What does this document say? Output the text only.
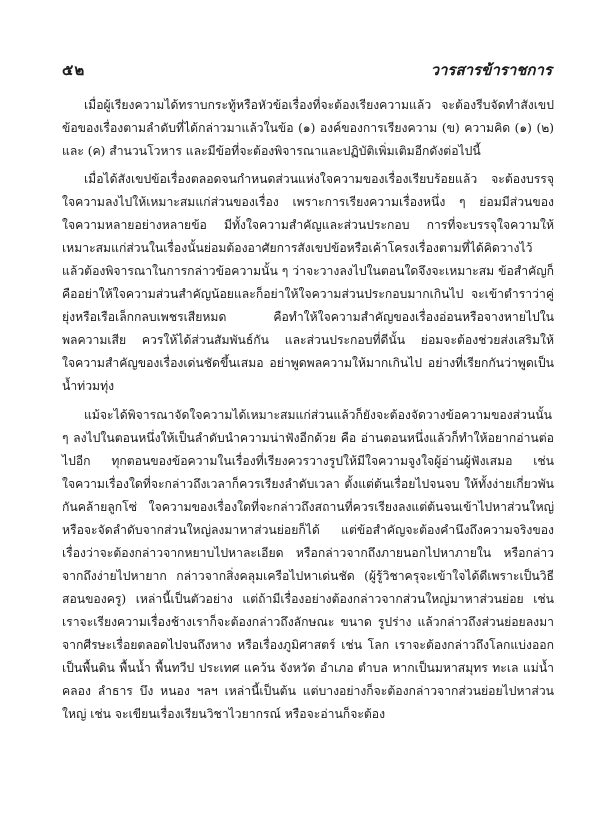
๕๒	วารสารข้าราชการ

เมื่อผู้เรียงความได้ทราบกระทู้หรือหัวข้อเรื่องที่จะต้องเรียงความแล้ว จะต้องรีบจัดทำสังเขปข้อของเรื่องตามลำดับที่ได้กล่าวมาแล้วในข้อ (๑) องค์ของการเรียงความ (ข) ความคิด (๑) (๒) และ (ค) สำนวนโวหาร และมีข้อที่จะต้องพิจารณาและปฏิบัติเพิ่มเติมอีกดังต่อไปนี้

เมื่อได้สังเขปข้อเรื่องตลอดจนกำหนดส่วนแห่งใจความของเรื่องเรียบร้อยแล้ว จะต้องบรรจุใจความลงไปให้เหมาะสมแก่ส่วนของเรื่อง เพราะการเรียงความเรื่องหนึ่ง ๆ ย่อมมีส่วนของใจความหลายอย่างหลายข้อ มีทั้งใจความสำคัญและส่วนประกอบ การที่จะบรรจุใจความให้เหมาะสมแก่ส่วนในเรื่องนั้นย่อมต้องอาศัยการสังเขปข้อหรือเค้าโครงเรื่องตามที่ได้คิดวางไว้แล้วต้องพิจารณาในการกล่าวข้อความนั้น ๆ ว่าจะวางลงไปในตอนใดจึงจะเหมาะสม ข้อสำคัญก็คืออย่าให้ใจความส่วนสำคัญน้อยและก็อย่าให้ใจความส่วนประกอบมากเกินไป จะเข้าตำราว่าคู่ยุ่งหรือเรือเล็กกลบเพชรเสียหมด คือทำให้ใจความสำคัญของเรื่องอ่อนหรือจางหายไปในพลความเสีย ควรให้ได้ส่วนสัมพันธ์กัน และส่วนประกอบที่ดีนั้น ย่อมจะต้องช่วยส่งเสริมให้ใจความสำคัญของเรื่องเด่นชัดขึ้นเสมอ อย่าพูดพลความให้มากเกินไป อย่างที่เรียกกันว่าพูดเป็นน้ำท่วมทุ่ง

แม้จะได้พิจารณาจัดใจความได้เหมาะสมแก่ส่วนแล้วก็ยังจะต้องจัดวางข้อความของส่วนนั้น ๆ ลงไปในตอนหนึ่งให้เป็นลำดับนำความน่าฟังอีกด้วย คือ อ่านตอนหนึ่งแล้วก็ทำให้อยากอ่านต่อไปอีก ทุกตอนของข้อความในเรื่องที่เรียงควรวางรูปให้มีใจความจูงใจผู้อ่านผู้ฟังเสมอ เช่น ใจความเรื่องใดที่จะกล่าวถึงเวลาก็ควรเรียงลำดับเวลา ตั้งแต่ต้นเรื่อยไปจนจบ ให้ทั้งง่ายเกี่ยวพันกันคล้ายลูกโซ่ ใจความของเรื่องใดที่จะกล่าวถึงสถานที่ควรเรียงลงแต่ต้นจนเข้าไปหาส่วนใหญ่หรือจะจัดลำดับจากส่วนใหญ่ลงมาหาส่วนย่อยก็ได้ แต่ข้อสำคัญจะต้องคำนึงถึงความจริงของเรื่องว่าจะต้องกล่าวจากหยาบไปหาละเอียด หรือกล่าวจากถึงภายนอกไปหาภายใน หรือกล่าวจากถึงง่ายไปหายาก กล่าวจากสิ่งคลุมเครือไปหาเด่นชัด (ผู้รู้วิชาครุจะเข้าใจได้ดีเพราะเป็นวิธีสอนของครู) เหล่านี้เป็นตัวอย่าง แต่ถ้ามีเรื่องอย่างต้องกล่าวจากส่วนใหญ่มาหาส่วนย่อย เช่น เราจะเรียงความเรื่องช้างเราก็จะต้องกล่าวถึงลักษณะ ขนาด รูปร่าง แล้วกล่าวถึงส่วนย่อยลงมาจากศีรษะเรื่อยตลอดไปจนถึงหาง หรือเรื่องภูมิศาสตร์ เช่น โลก เราจะต้องกล่าวถึงโลกแบ่งออกเป็นพื้นดิน พื้นน้ำ พื้นทวีป ประเทศ แคว้น จังหวัด อำเภอ ตำบล หากเป็นมหาสมุทร ทะเล แม่น้ำ คลอง ลำธาร บึง หนอง ฯลฯ เหล่านี้เป็นต้น แต่บางอย่างก็จะต้องกล่าวจากส่วนย่อยไปหาส่วนใหญ่ เช่น จะเขียนเรื่องเรียนวิชาไวยากรณ์ หรือจะอ่านก็จะต้อง
